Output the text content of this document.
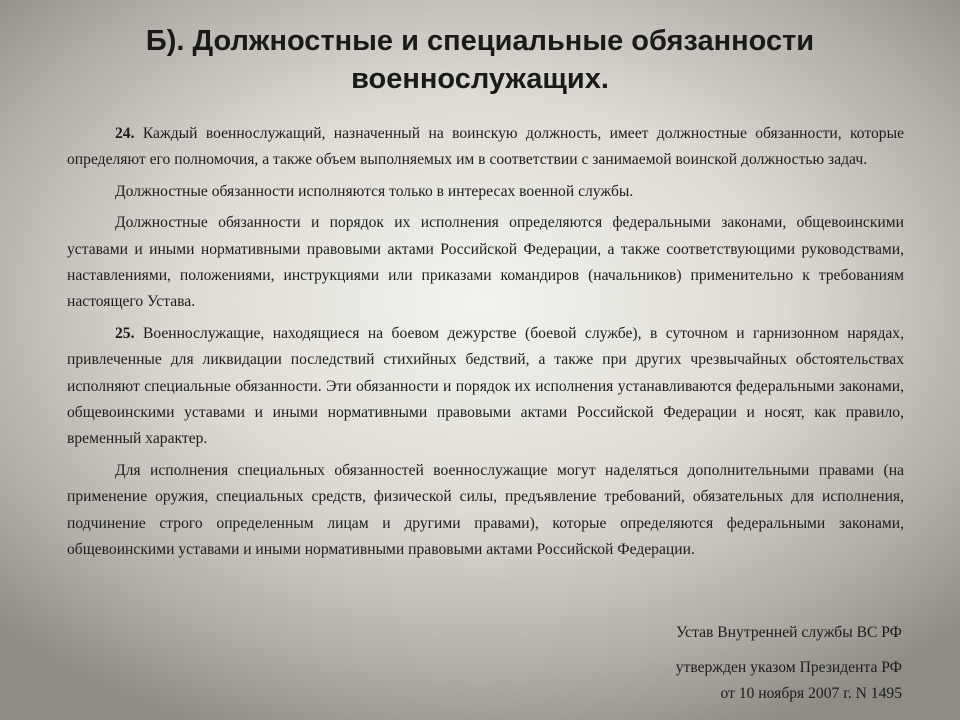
Б). Должностные и специальные обязанности
военнослужащих.

24. Каждый военнослужащий, назначенный на воинскую должность, имеет должностные обязанности, которые определяют его полномочия, а также объем выполняемых им в соответствии с занимаемой воинской должностью задач.

Должностные обязанности исполняются только в интересах военной службы.

Должностные обязанности и порядок их исполнения определяются федеральными законами, общевоинскими уставами и иными нормативными правовыми актами Российской Федерации, а также соответствующими руководствами, наставлениями, положениями, инструкциями или приказами командиров (начальников) применительно к требованиям настоящего Устава.

25. Военнослужащие, находящиеся на боевом дежурстве (боевой службе), в суточном и гарнизонном нарядах, привлеченные для ликвидации последствий стихийных бедствий, а также при других чрезвычайных обстоятельствах исполняют специальные обязанности. Эти обязанности и порядок их исполнения устанавливаются федеральными законами, общевоинскими уставами и иными нормативными правовыми актами Российской Федерации и носят, как правило, временный характер.

Для исполнения специальных обязанностей военнослужащие могут наделяться дополнительными правами (на применение оружия, специальных средств, физической силы, предъявление требований, обязательных для исполнения, подчинение строго определенным лицам и другими правами), которые определяются федеральными законами, общевоинскими уставами и иными нормативными правовыми актами Российской Федерации.

Устав Внутренней службы ВС РФ
утвержден указом Президента РФ
от 10 ноября 2007 г. N 1495
